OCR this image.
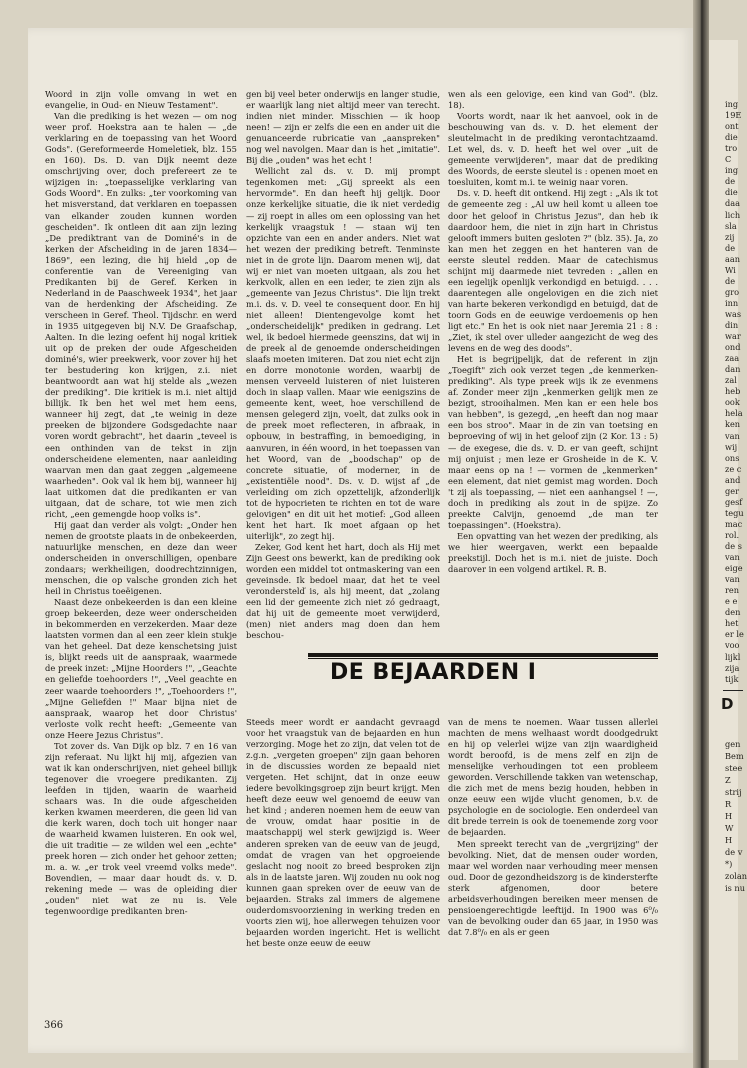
ing
19E
ont
die
tro
C
ing
de
die
daa
lich
sla
zij
de
aan
Wi
de
gro
inn
was
din
war
ond
zaa
dan
zal
heb
ook
hela
ken
van
wij
ons
ze c
and
ger
gesf
tegu
mac
rol.
de s
van
eige
van
ren
e e
den
het
er le
voo
lijkl
zija
tijk
D
gen
Bem
stee
Z
strij
R
H
W
H
de v
*)
zolan
is nu

Woord in zijn volle omvang in wet en evangelie, in Oud- en Nieuw Testament".

Van die prediking is het wezen — om nog weer prof. Hoekstra aan te halen — „de verklaring en de toepassing van het Woord Gods". (Gereformeerde Homeletiek, blz. 155 en 160). Ds. D. van Dijk neemt deze omschrijving over, doch prefereert ze te wijzigen in: „toepasselijke verklaring van Gods Woord". En zulks: „ter voorkoming van het misverstand, dat verklaren en toepassen van elkander zouden kunnen worden gescheiden". Ik ontleen dit aan zijn lezing „De prediktrant van de Dominé's in de kerken der Afscheiding in de jaren 1834—1869", een lezing, die hij hield „op de conferentie van de Vereeniging van Predikanten bij de Geref. Kerken in Nederland in de Paaschweek 1934", het jaar van de herdenking der Afscheiding. Ze verscheen in Geref. Theol. Tijdschr. en werd in 1935 uitgegeven bij N.V. De Graafschap, Aalten. In die lezing oefent hij nogal kritiek uit op de preken der oude Afgescheiden dominé's, wier preekwerk, voor zover hij het ter bestudering kon krijgen, z.i. niet beantwoordt aan wat hij stelde als „wezen der prediking". Die kritiek is m.i. niet altijd billijk. Ik ben het wel met hem eens, wanneer hij zegt, dat „te weinig in deze preeken de bijzondere Godsgedachte naar voren wordt gebracht", het daarin „teveel is een onthinden van de tekst in zijn onderscheidene elementen, naar aanleiding waarvan men dan gaat zeggen „algemeene waarheden". Ook val ik hem bij, wanneer hij laat uitkomen dat die predikanten er van uitgaan, dat de schare, tot wie men zich richt, „een gemengde hoop volks is".

Hij gaat dan verder als volgt: „Onder hen nemen de grootste plaats in de onbekeerden, natuurlijke menschen, en deze dan weer onderscheiden in onverschilligen, openbare zondaars; werkheiligen, doodrechtzinnigen, menschen, die op valsche gronden zich het heil in Christus toeëigenen.

Naast deze onbekeerden is dan een kleine groep bekeerden, deze weer onderscheiden in bekommerden en verzekerden. Maar deze laatsten vormen dan al een zeer klein stukje van het geheel. Dat deze kenschetsing juist is, blijkt reeds uit de aanspraak, waarmede de preek inzet: „Mijne Hoorders !", „Geachte en geliefde toehoorders !", „Veel geachte en zeer waarde toehoorders !", „Toehoorders !", „Mijne Geliefden !" Maar bijna niet de aanspraak, waarop het door Christus' verloste volk recht heeft: „Gemeente van onze Heere Jezus Christus".

Tot zover ds. Van Dijk op blz. 7 en 16 van zijn referaat. Nu lijkt hij mij, afgezien van wat ik kan onderschrijven, niet geheel billijk tegenover die vroegere predikanten. Zij leefden in tijden, waarin de waarheid schaars was. In die oude afgescheiden kerken kwamen meerderen, die geen lid van die kerk waren, doch toch uit honger naar de waarheid kwamen luisteren. En ook wel, die uit traditie — ze wilden wel een „echte" preek horen — zich onder het gehoor zetten; m. a. w. „er trok veel vreemd volks mede". Bovendien, — maar daar houdt ds. v. D. rekening mede — was de opleiding dier „ouden" niet wat ze nu is. Vele tegenwoordige predikanten bren-

gen bij veel beter onderwijs en langer studie, er waarlijk lang niet altijd meer van terecht. indien niet minder. Misschien — ik hoop neen! — zijn er zelfs die een en ander uit die genuanceerde rubricatie van „aanspreken" nog wel navolgen. Maar dan is het „imitatie". Bij die „ouden" was het echt !

Wellicht zal ds. v. D. mij prompt tegenkomen met: „Gij spreekt als een hervormde". En dan heeft hij gelijk. Door onze kerkelijke situatie, die ik niet verdedig — zij roept in alles om een oplossing van het kerkelijk vraagstuk ! — staan wij ten opzichte van een en ander anders. Niet wat het wezen der prediking betreft. Tenminste niet in de grote lijn. Daarom menen wij, dat wij er niet van moeten uitgaan, als zou het kerkvolk, allen en een ieder, te zien zijn als „gemeente van Jezus Christus". Die lijn trekt m.i. ds. v. D. veel te consequent door. En hij niet alleen! Dientengevolge komt het „onderscheidelijk" prediken in gedrang. Let wel, ik bedoel hiermede geenszins, dat wij in de preek al de genoemde onderscheidingen slaafs moeten imiteren. Dat zou niet echt zijn en dorre monotonie worden, waarbij de mensen verveeld luisteren of niet luisteren doch in slaap vallen. Maar wie eenigszins de gemeente kent, weet, hoe verschillend de mensen gelegerd zijn, voelt, dat zulks ook in de preek moet reflecteren, in afbraak, in opbouw, in bestraffing, in bemoediging, in aanvuren, in één woord, in het toepassen van het Woord, van de „boodschap" op de concrete situatie, of moderner, in de „existentiële nood". Ds. v. D. wijst af „de verleiding om zich opzettelijk, afzonderlijk tot de hypocrieten te richten en tot de ware gelovigen" en dit uit het motief: „God alleen kent het hart. Ik moet afgaan op het uiterlijk", zo zegt hij.

Zeker, God kent het hart, doch als Hij met Zijn Geest ons bewerkt, kan de prediking ook worden een middel tot ontmaskering van een geveinsde. Ik bedoel maar, dat het te veel veronderstelď is, als hij meent, dat „zolang een lid der gemeente zich niet zó gedraagt, dat hij uit de gemeente moet verwijderd, (men) niet anders mag doen dan hem beschou-

wen als een gelovige, een kind van God". (blz. 18).

Voorts wordt, naar ik het aanvoel, ook in de beschouwing van ds. v. D. het element der sleutelmacht in de prediking verontachtzaamd. Let wel, ds. v. D. heeft het wel over „uit de gemeente verwijderen", maar dat de prediking des Woords, de eerste sleutel is : openen moet en toesluiten, komt m.i. te weinig naar voren.

Ds. v. D. heeft dit ontkend. Hij zegt : „Als ik tot de gemeente zeg : „Al uw heil komt u alleen toe door het geloof in Christus Jezus", dan heb ik daardoor hem, die niet in zijn hart in Christus gelooft immers buiten gesloten ?" (blz. 35). Ja, zo kan men het zeggen en het hanteren van de eerste sleutel redden. Maar de catechismus schijnt mij daarmede niet tevreden : „allen en een iegelijk openlijk verkondigd en betuigd. . . . daarentegen alle ongelovigen en die zich niet van harte bekeren verkondigd en betuigd, dat de toorn Gods en de eeuwige verdoemenis op hen ligt etc." En het is ook niet naar Jeremia 21 : 8 : „Ziet, ik stel over ulleder aangezicht de weg des levens en de weg des doods".

Het is begrijpelijk, dat de referent in zijn „Toegift" zich ook verzet tegen „de kenmerken-prediking". Als type preek wijs ik ze evenmens af. Zonder meer zijn „kenmerken gelijk men ze bezigt, strooihalmen. Men kan er een hele bos van hebben", is gezegd, „en heeft dan nog maar een bos stroo". Maar in de zin van toetsing en beproeving of wij in het geloof zijn (2 Kor. 13 : 5) — de exegese, die ds. v. D. er van geeft, schijnt mij onjuist ; men leze er Grosheide in de K. V. maar eens op na ! — vormen de „kenmerken" een element, dat niet gemist mag worden. Doch 't zij als toepassing, — niet een aanhangsel ! —, doch in prediking als zout in de spijze. Zo preekte Calvijn, genoemd „de man ter toepassingen". (Hoekstra).

Een opvatting van het wezen der prediking, als we hier weergaven, werkt een bepaalde preekstijl. Doch het is m.i. niet de juiste. Doch daarover in een volgend artikel. R. B.

DE BEJAARDEN I

Steeds meer wordt er aandacht gevraagd voor het vraagstuk van de bejaarden en hun verzorging. Moge het zo zijn, dat velen tot de z.g.n. „vergeten groepen" zijn gaan behoren in de discussies worden ze bepaald niet vergeten. Het schijnt, dat in onze eeuw iedere bevolkingsgroep zijn beurt krijgt. Men heeft deze eeuw wel genoemd de eeuw van het kind ; anderen noemen hem de eeuw van de vrouw, omdat haar positie in de maatschappij wel sterk gewijzigd is. Weer anderen spreken van de eeuw van de jeugd, omdat de vragen van het opgroeiende geslacht nog nooit zo breed besproken zijn als in de laatste jaren. Wij zouden nu ook nog kunnen gaan spreken over de eeuw van de bejaarden. Straks zal immers de algemene ouderdomsvoorziening in werking treden en voorts zien wij, hoe allerwegen tehuizen voor bejaarden worden ingericht. Het is wellicht het beste onze eeuw de eeuw

van de mens te noemen. Waar tussen allerlei machten de mens welhaast wordt doodgedrukt en hij op velerlei wijze van zijn waardigheid wordt beroofd, is de mens zelf en zijn de menselijke verhoudingen tot een probleem geworden. Verschillende takken van wetenschap, die zich met de mens bezig houden, hebben in onze eeuw een wijde vlucht genomen, b.v. de psychologie en de sociologie. Een onderdeel van dit brede terrein is ook de toenemende zorg voor de bejaarden.

Men spreekt terecht van de „vergrijzing" der bevolking. Niet, dat de mensen ouder worden, maar wel worden naar verhouding meer mensen oud. Door de gezondheidszorg is de kindersterfte sterk afgenomen, door betere arbeidsverhoudingen bereiken meer mensen de pensioengerechtigde leeftijd. In 1900 was 6⁰/₀ van de bevolking ouder dan 65 jaar, in 1950 was dat 7.8⁰/₀ en als er geen

366
